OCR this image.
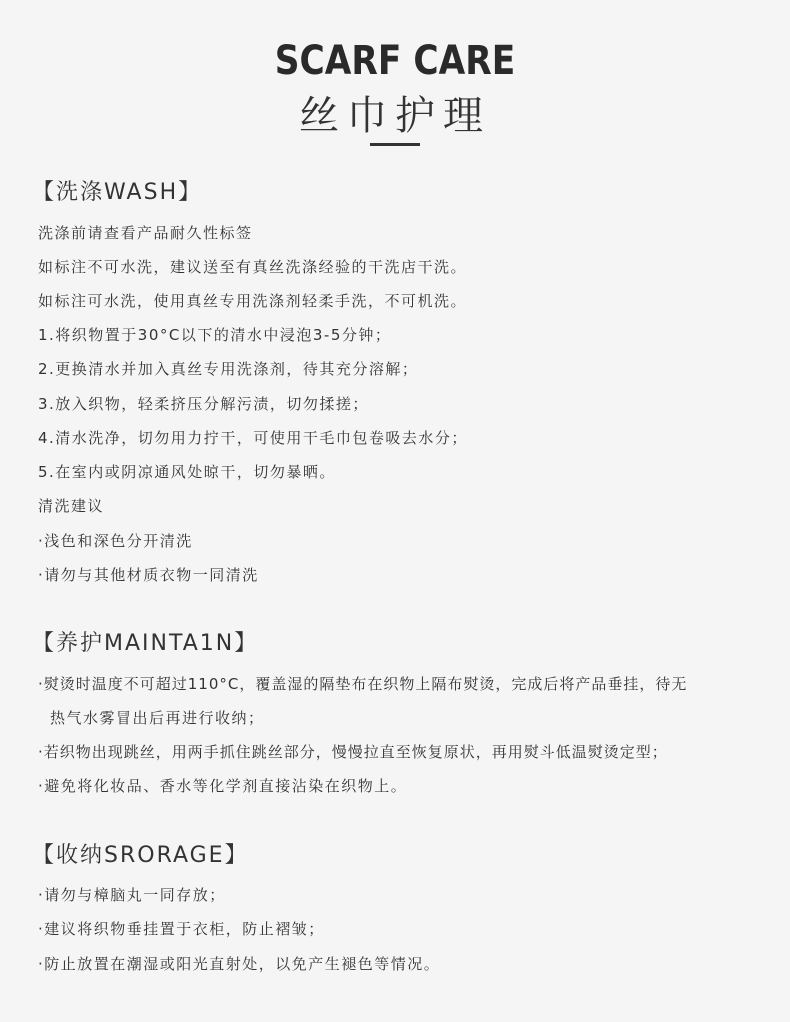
SCARF CARE
丝巾护理
【洗涤WASH】
洗涤前请查看产品耐久性标签
如标注不可水洗，建议送至有真丝洗涤经验的干洗店干洗。
如标注可水洗，使用真丝专用洗涤剂轻柔手洗，不可机洗。
1.将织物置于30°C以下的清水中浸泡3-5分钟；
2.更换清水并加入真丝专用洗涤剂，待其充分溶解；
3.放入织物，轻柔挤压分解污渍，切勿揉搓；
4.清水洗净，切勿用力拧干，可使用干毛巾包卷吸去水分；
5.在室内或阴凉通风处晾干，切勿暴晒。
清洗建议
·浅色和深色分开清洗
·请勿与其他材质衣物一同清洗
【养护MAINTA1N】
·熨烫时温度不可超过110°C，覆盖湿的隔垫布在织物上隔布熨烫，完成后将产品垂挂，待无
热气水雾冒出后再进行收纳；
·若织物出现跳丝，用两手抓住跳丝部分，慢慢拉直至恢复原状，再用熨斗低温熨烫定型；
·避免将化妆品、香水等化学剂直接沾染在织物上。
【收纳SRORAGE】
·请勿与樟脑丸一同存放；
·建议将织物垂挂置于衣柜，防止褶皱；
·防止放置在潮湿或阳光直射处，以免产生褪色等情况。
